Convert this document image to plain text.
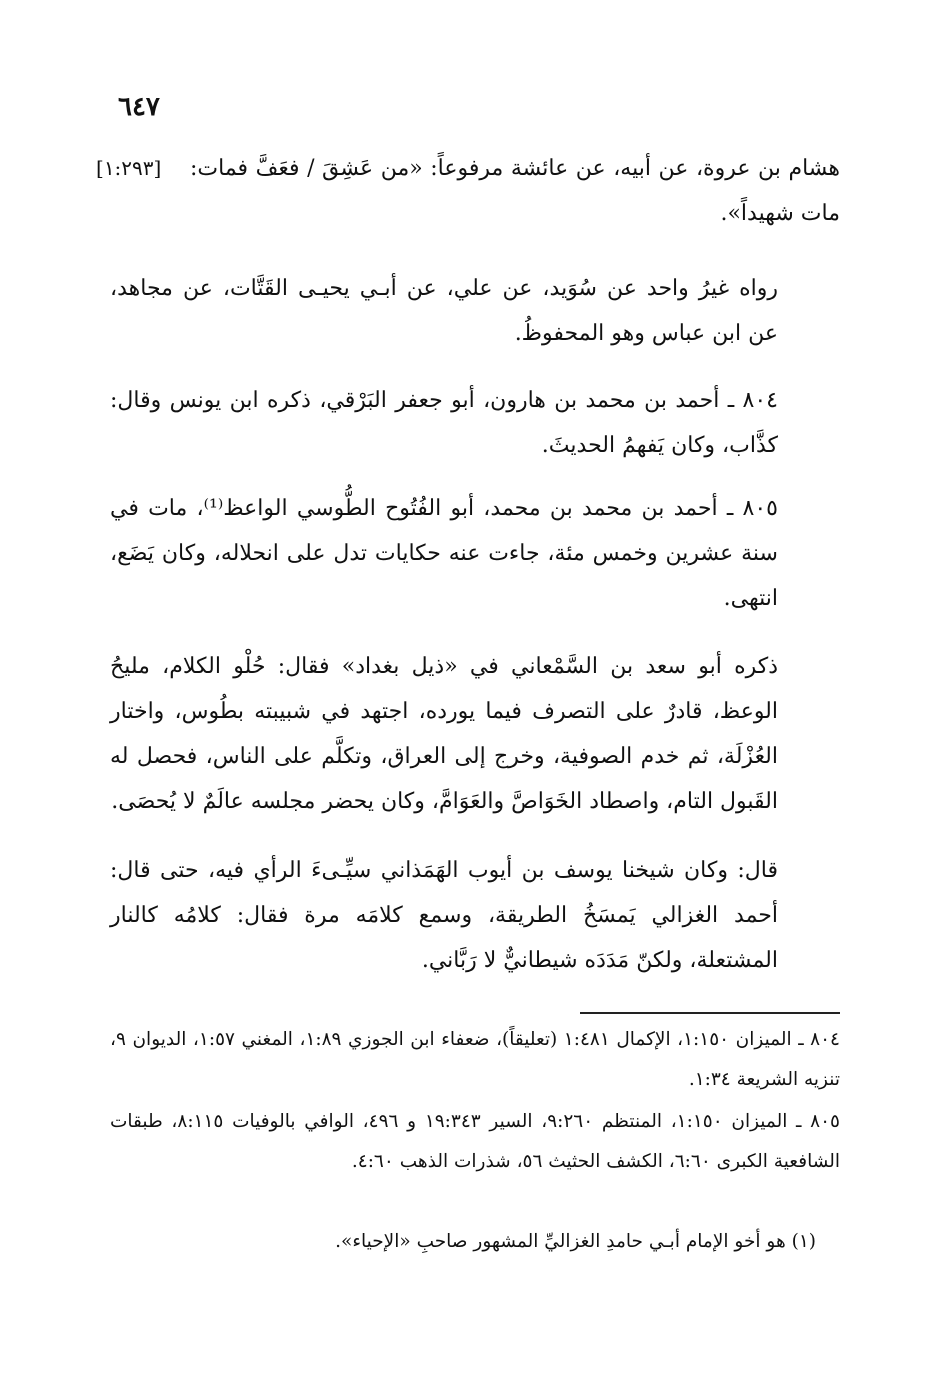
٦٤٧
هشام بن عروة، عن أبيه، عن عائشة مرفوعاً: «من عَشِقَ / فعَفَّ فمات: مات شهيداً».
[١:٢٩٣]
رواه غيرُ واحد عن سُوَيد، عن علي، عن أبـي يحيـى القَتَّات، عن مجاهد، عن ابن عباس وهو المحفوظُ.
٨٠٤ ـ أحمد بن محمد بن هارون، أبو جعفر البَرْقي، ذكره ابن يونس وقال: كذَّاب، وكان يَفهمُ الحديثَ.
٨٠٥ ـ أحمد بن محمد بن محمد، أبو الفُتُوح الطُّوسي الواعظ⁽¹⁾، مات في سنة عشرين وخمس مئة، جاءت عنه حكايات تدل على انحلاله، وكان يَضَع، انتهى.
ذكره أبو سعد بن السَّمْعاني في «ذيل بغداد» فقال: حُلْو الكلام، مليحُ الوعظ، قادرٌ على التصرف فيما يورده، اجتهد في شبيبته بطُوس، واختار العُزْلَة، ثم خدم الصوفية، وخرج إلى العراق، وتكلَّم على الناس، فحصل له القَبول التام، واصطاد الخَوَاصَّ والعَوَامَّ، وكان يحضر مجلسه عالَمٌ لا يُحصَى.
قال: وكان شيخنا يوسف بن أيوب الهَمَذاني سيِّـىءَ الرأي فيه، حتى قال: أحمد الغزالي يَمسَخُ الطريقة، وسمع كلامَه مرة فقال: كلامُه كالنار المشتعلة، ولكنّ مَدَدَه شيطانيٌّ لا رَبَّاني.
٨٠٤ ـ الميزان ١:١٥٠، الإكمال ١:٤٨١ (تعليقاً)، ضعفاء ابن الجوزي ١:٨٩، المغني ١:٥٧، الديوان ٩، تنزيه الشريعة ١:٣٤.
٨٠٥ ـ الميزان ١:١٥٠، المنتظم ٩:٢٦٠، السير ١٩:٣٤٣ و ٤٩٦، الوافي بالوفيات ٨:١١٥، طبقات الشافعية الكبرى ٦:٦٠، الكشف الحثيث ٥٦، شذرات الذهب ٤:٦٠.
(١) هو أخو الإمام أبـي حامدِ الغزاليِّ المشهور صاحبِ «الإحياء».
